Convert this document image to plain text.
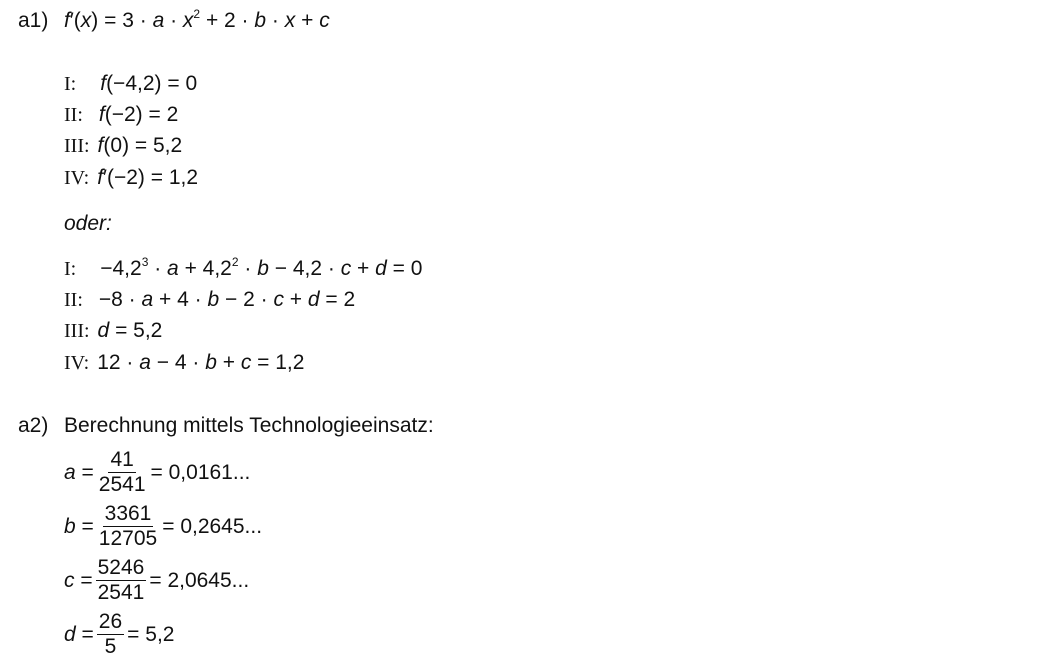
a1) $f'(x) = 3 \cdot a \cdot x^2 + 2 \cdot b \cdot x + c$
I: f(−4,2) = 0
II: f(−2) = 2
III: f(0) = 5,2
IV: f′(−2) = 1,2
oder:
I: $-4,2^3 \cdot a + 4,2^2 \cdot b - 4,2 \cdot c + d = 0$
II: −8 · a + 4 · b − 2 · c + d = 2
III: d = 5,2
IV: 12 · a − 4 · b + c = 1,2
a2) Berechnung mittels Technologieeinsatz:
$a = \frac{41}{2541} = 0,0161$...
$b = \frac{3361}{12705} = 0,2645$...
$c = \frac{5246}{2541} = 2,0645$...
$d = \frac{26}{5} = 5,2$
